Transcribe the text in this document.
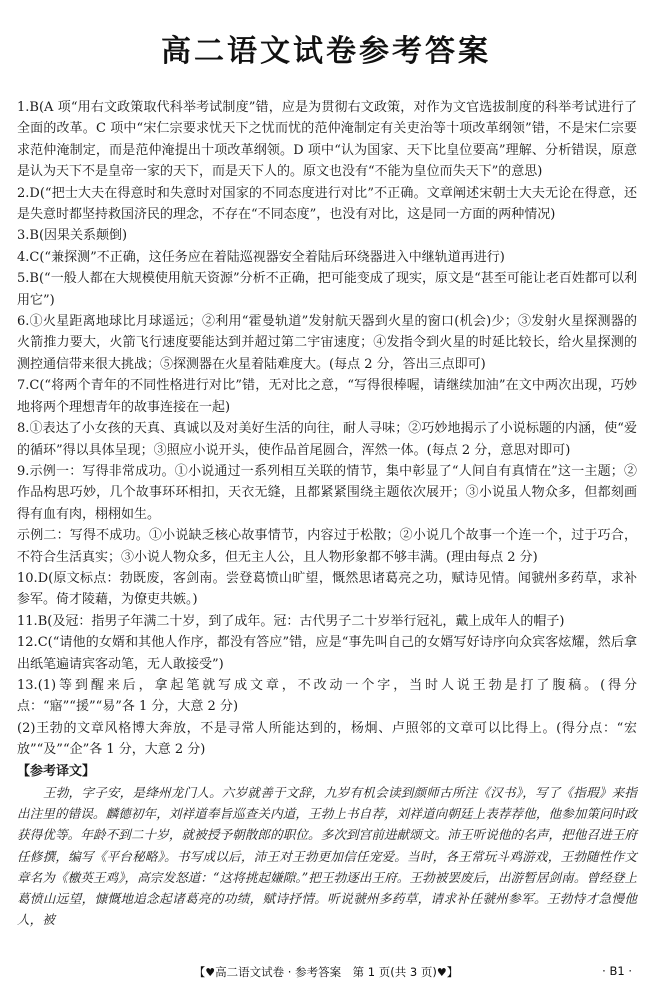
高二语文试卷参考答案

1.B(A 项“用右文政策取代科举考试制度”错，应是为贯彻右文政策，对作为文官选拔制度的科举考试进行了全面的改革。C 项中“宋仁宗要求忧天下之忧而忧的范仲淹制定有关吏治等十项改革纲领”错，不是宋仁宗要求范仲淹制定，而是范仲淹提出十项改革纲领。D 项中“认为国家、天下比皇位要高”理解、分析错误，原意是认为天下不是皇帝一家的天下，而是天下人的。原文也没有“不能为皇位而失天下”的意思)

2.D(“把士大夫在得意时和失意时对国家的不同态度进行对比”不正确。文章阐述宋朝士大夫无论在得意，还是失意时都坚持救国济民的理念，不存在“不同态度”，也没有对比，这是同一方面的两种情况)

3.B(因果关系颠倒)

4.C(“兼探测”不正确，这任务应在着陆巡视器安全着陆后环绕器进入中继轨道再进行)

5.B(“一般人都在大规模使用航天资源”分析不正确，把可能变成了现实，原文是“甚至可能让老百姓都可以利用它”)

6.①火星距离地球比月球遥远；②利用“霍曼轨道”发射航天器到火星的窗口(机会)少；③发射火星探测器的火箭推力要大，火箭飞行速度要能达到并超过第二宇宙速度；④发指令到火星的时延比较长，给火星探测的测控通信带来很大挑战；⑤探测器在火星着陆难度大。(每点 2 分，答出三点即可)

7.C(“将两个青年的不同性格进行对比”错，无对比之意，“写得很棒喔，请继续加油”在文中两次出现，巧妙地将两个理想青年的故事连接在一起)

8.①表达了小女孩的天真、真诚以及对美好生活的向往，耐人寻味；②巧妙地揭示了小说标题的内涵，使“爱的循环”得以具体呈现；③照应小说开头，使作品首尾圆合，浑然一体。(每点 2 分，意思对即可)

9.示例一：写得非常成功。①小说通过一系列相互关联的情节，集中彰显了“人间自有真情在”这一主题；②作品构思巧妙，几个故事环环相扣，天衣无缝，且都紧紧围绕主题依次展开；③小说虽人物众多，但都刻画得有血有肉，栩栩如生。

示例二：写得不成功。①小说缺乏核心故事情节，内容过于松散；②小说几个故事一个连一个，过于巧合，不符合生活真实；③小说人物众多，但无主人公，且人物形象都不够丰满。(理由每点 2 分)

10.D(原文标点：勃既废，客剑南。尝登葛愤山旷望，慨然思诸葛亮之功，赋诗见情。闻虢州多药草，求补参军。倚才陵藉，为僚吏共嫉。)

11.B(及冠：指男子年满二十岁，到了成年。冠：古代男子二十岁举行冠礼，戴上成年人的帽子)

12.C(“请他的女婿和其他人作序，都没有答应”错，应是“事先叫自己的女婿写好诗序向众宾客炫耀，然后拿出纸笔遍请宾客动笔，无人敢接受”)

13.(1)等到醒来后，拿起笔就写成文章，不改动一个字，当时人说王勃是打了腹稿。(得分点：“寤”“援”“易”各 1 分，大意 2 分)

(2)王勃的文章风格博大奔放，不是寻常人所能达到的，杨炯、卢照邻的文章可以比得上。(得分点：“宏放”“及”“企”各 1 分，大意 2 分)

【参考译文】

王勃，字子安，是绛州龙门人。六岁就善于文辞，九岁有机会读到颜师古所注《汉书》，写了《指瑕》来指出注里的错误。麟德初年，刘祥道奉旨巡查关内道，王勃上书自荐，刘祥道向朝廷上表荐荐他，他参加策问时政获得优等。年龄不到二十岁，就被授予朝散郎的职位。多次到宫前进献颂文。沛王听说他的名声，把他召进王府任修撰，编写《平台秘略》。书写成以后，沛王对王勃更加信任宠爱。当时，各王常玩斗鸡游戏，王勃随性作文章名为《檄英王鸡》，高宗发怒道：“这将挑起嫌隙。”把王勃逐出王府。王勃被罢废后，出游暂居剑南。曾经登上葛愤山远望，慷慨地追念起诸葛亮的功绩，赋诗抒情。听说虢州多药草，请求补任虢州参军。王勃恃才急慢他人，被

【♥高二语文试卷 · 参考答案　第 1 页(共 3 页)♥】	· B1 ·
